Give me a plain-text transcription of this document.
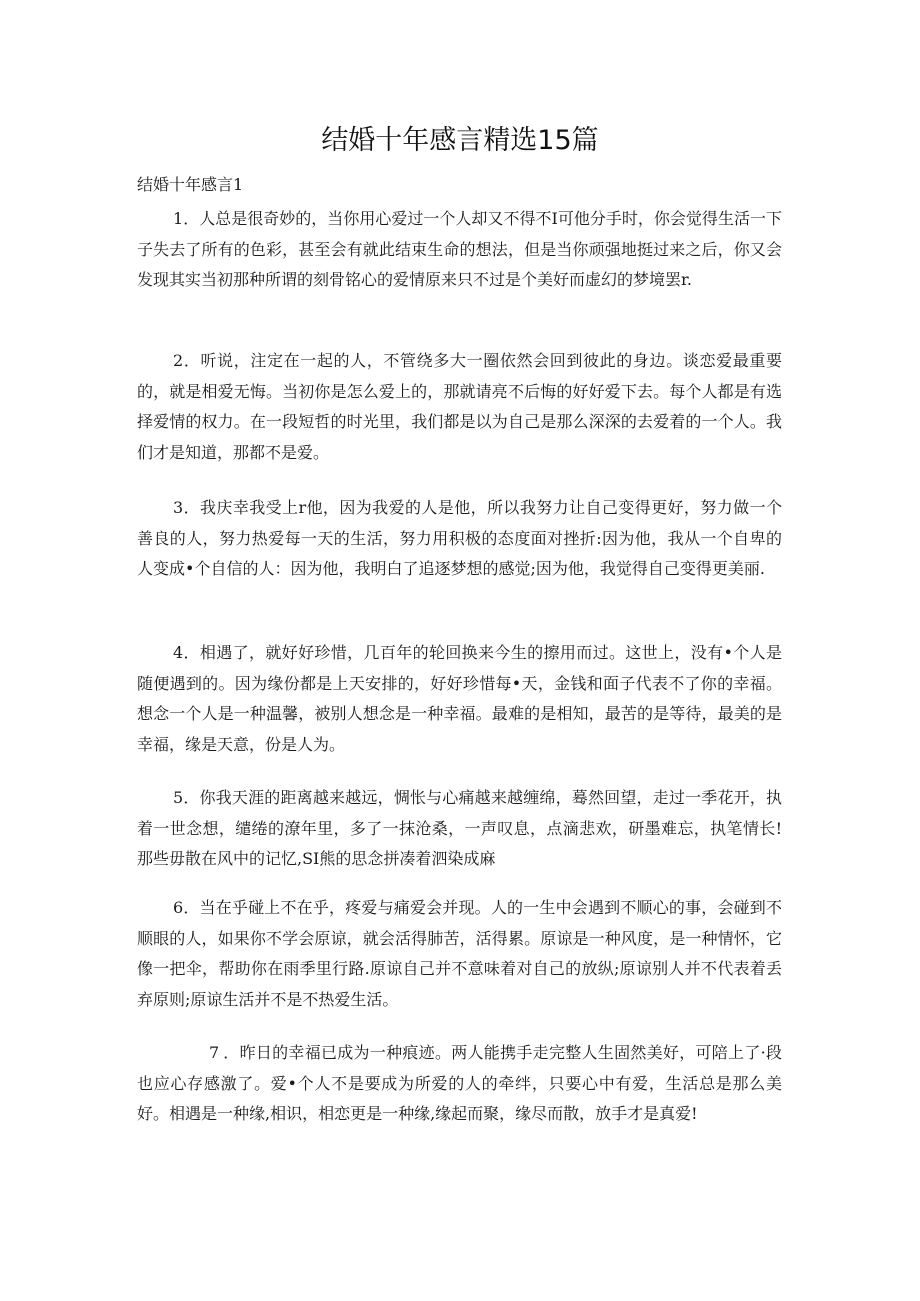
结婚十年感言精选15篇
结婚十年感言1

1．人总是很奇妙的，当你用心爱过一个人却又不得不I可他分手时，你会觉得生活一下子失去了所有的色彩，甚至会有就此结束生命的想法，但是当你顽强地挺过来之后，你又会发现其实当初那种所谓的刻骨铭心的爱情原来只不过是个美好而虚幻的梦境罢r.

2．听说，注定在一起的人，不管绕多大一圈依然会回到彼此的身边。谈恋爱最重要的，就是相爱无悔。当初你是怎么爱上的，那就请亮不后悔的好好爱下去。每个人都是有选择爱情的权力。在一段短哲的时光里，我们都是以为自己是那么深深的去爱着的一个人。我们才是知道，那都不是爱。

3．我庆幸我受上r他，因为我爱的人是他，所以我努力让自己变得更好，努力做一个善良的人，努力热爱每一天的生活，努力用积极的态度面对挫折:因为他，我从一个自卑的人变成•个自信的人：因为他，我明白了追逐梦想的感觉;因为他，我觉得自己变得更美丽.

4．相遇了，就好好珍惜，几百年的轮回换来今生的擦用而过。这世上，没有•个人是随便遇到的。因为缘份都是上天安排的，好好珍惜每•天，金钱和面子代表不了你的幸福。想念一个人是一种温馨，被别人想念是一种幸福。最难的是相知，最苦的是等待，最美的是幸福，缘是天意，份是人为。

5．你我天涯的距离越来越远，惆怅与心痛越来越缠绵，蓦然回望，走过一季花开，执着一世念想，缱绻的潦年里，多了一抹沧桑，一声叹息，点滴悲欢，研墨难忘，执笔情长!那些毋散在风中的记忆,SI熊的思念拼凑着泗染成麻

6．当在乎碰上不在乎，疼爱与痛爱会并现。人的一生中会遇到不顺心的事，会碰到不顺眼的人，如果你不学会原谅，就会活得肺苦，活得累。原谅是一种风度，是一种情怀，它像一把伞，帮助你在雨季里行路.原谅自己并不意味着对自己的放纵;原谅别人并不代表着丢弃原则;原谅生活并不是不热爱生活。

7 ．昨日的幸福已成为一种痕迹。两人能携手走完整人生固然美好，可陪上了·段也应心存感激了。爱•个人不是要成为所爱的人的牵绊，只要心中有爱，生活总是那么美好。相遇是一种缘,相识，相恋更是一种缘,缘起而聚，缘尽而散，放手才是真爱!
